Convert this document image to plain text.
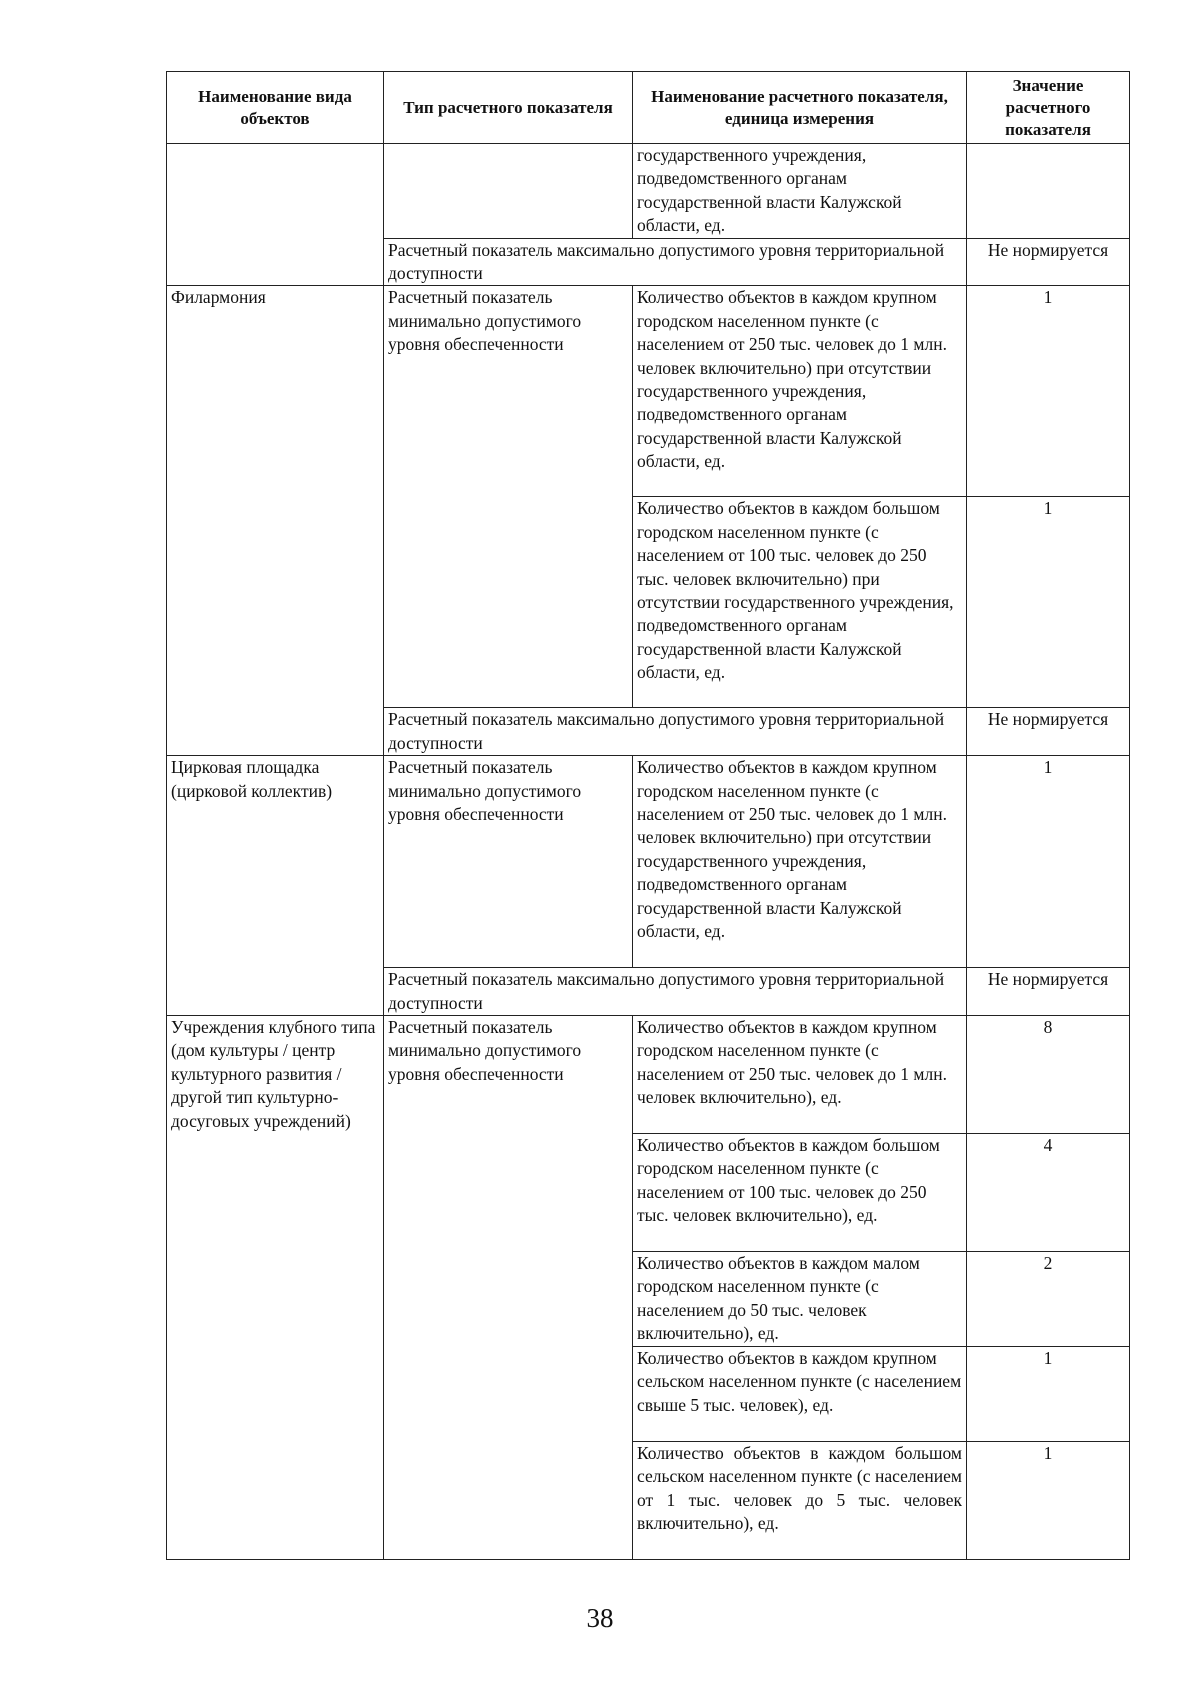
Наименование вида объектов	Тип расчетного показателя	Наименование расчетного показателя, единица измерения	Значение расчетного показателя
		государственного учреждения, подведомственного органам государственной власти Калужской области, ед.	
	Расчетный показатель максимально допустимого уровня территориальной доступности		Не нормируется
Филармония	Расчетный показатель минимально допустимого уровня обеспеченности	Количество объектов в каждом крупном городском населенном пункте (с населением от 250 тыс. человек до 1 млн. человек включительно) при отсутствии государственного учреждения, подведомственного органам государственной власти Калужской области, ед.	1
		Количество объектов в каждом большом городском населенном пункте (с населением от 100 тыс. человек до 250 тыс. человек включительно) при отсутствии государственного учреждения, подведомственного органам государственной власти Калужской области, ед.	1
	Расчетный показатель максимально допустимого уровня территориальной доступности		Не нормируется
Цирковая площадка (цирковой коллектив)	Расчетный показатель минимально допустимого уровня обеспеченности	Количество объектов в каждом крупном городском населенном пункте (с населением от 250 тыс. человек до 1 млн. человек включительно) при отсутствии государственного учреждения, подведомственного органам государственной власти Калужской области, ед.	1
	Расчетный показатель максимально допустимого уровня территориальной доступности		Не нормируется
Учреждения клубного типа (дом культуры / центр культурного развития / другой тип культурно-досуговых учреждений)	Расчетный показатель минимально допустимого уровня обеспеченности	Количество объектов в каждом крупном городском населенном пункте (с населением от 250 тыс. человек до 1 млн. человек включительно), ед.	8
		Количество объектов в каждом большом городском населенном пункте (с населением от 100 тыс. человек до 250 тыс. человек включительно), ед.	4
		Количество объектов в каждом малом городском населенном пункте (с населением до 50 тыс. человек включительно), ед.	2
		Количество объектов в каждом крупном сельском населенном пункте (с населением свыше 5 тыс. человек), ед.	1
		Количество объектов в каждом большом сельском населенном пункте (с населением от 1 тыс. человек до 5 тыс. человек включительно), ед.	1
38
